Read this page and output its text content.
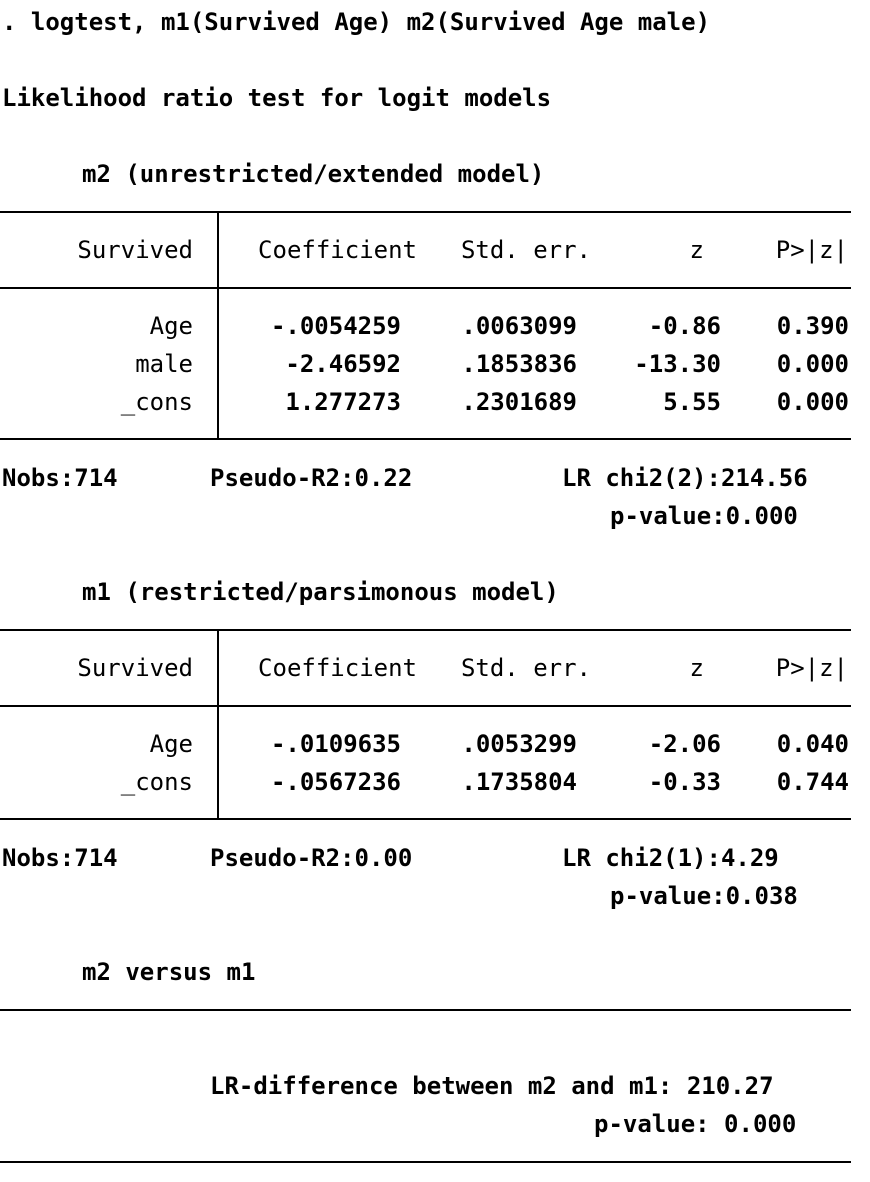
. logtest, m1(Survived Age) m2(Survived Age male)
Likelihood ratio test for logit models
m2 (unrestricted/extended model)
Survived	Coefficient	Std. err.	z	P>|z|
Age	-.0054259	.0063099	-0.86	0.390
male	-2.46592	.1853836	-13.30	0.000
_cons	1.277273	.2301689	5.55	0.000
Nobs:714	Pseudo-R2:0.22	LR chi2(2):214.56
p-value:0.000
m1 (restricted/parsimonous model)
Survived	Coefficient	Std. err.	z	P>|z|
Age	-.0109635	.0053299	-2.06	0.040
_cons	-.0567236	.1735804	-0.33	0.744
Nobs:714	Pseudo-R2:0.00	LR chi2(1):4.29
p-value:0.038
m2 versus m1
LR-difference between m2 and m1: 210.27
p-value: 0.000
